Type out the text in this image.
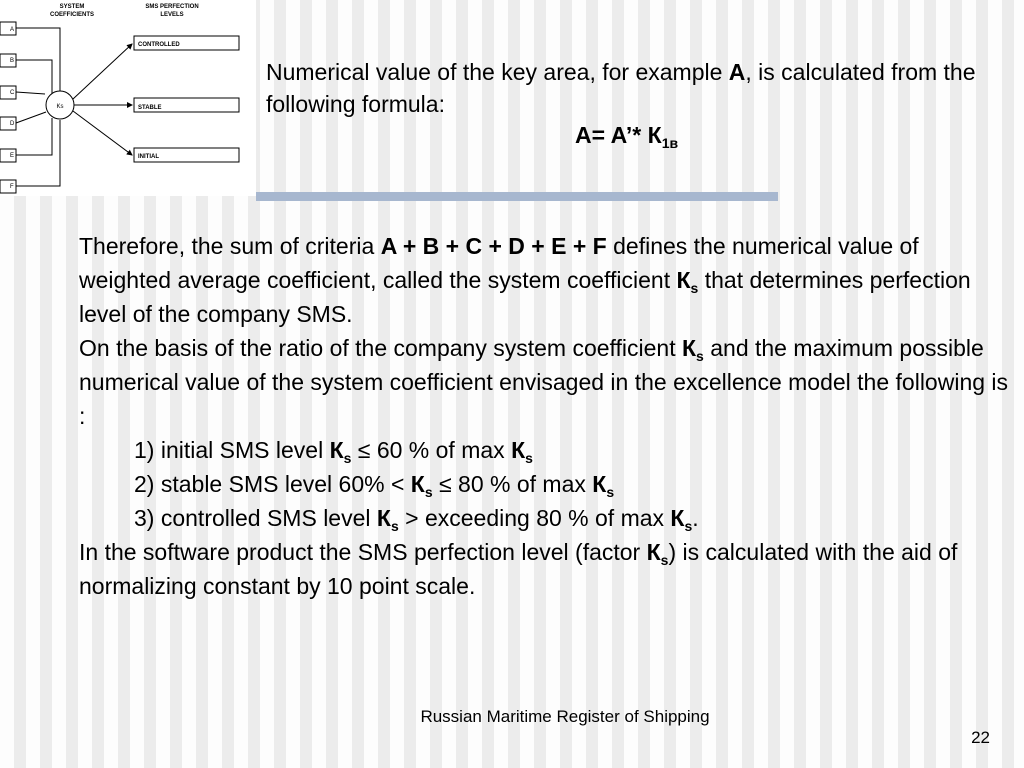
SYSTEM
COEFFICIENTS
SMS PERFECTION
LEVELS
A
B
C
D
E
F
Ks
CONTROLLED
STABLE
INITIAL
Numerical value of the key area, for example A, is calculated from the following formula:
A= A’* $К_{1в}$

Therefore, the sum of criteria A + B + C + D + E + F defines the numerical value of weighted average coefficient, called the system coefficient $К_s$ that determines perfection level of the company SMS.

On the basis of the ratio of the company system coefficient $К_s$ and the maximum possible numerical value of the system coefficient envisaged in the excellence model the following is :

1) initial SMS level $К_s \le 60$ % of $\max К_s$

2) stable SMS level $60\% < К_s \le 80$ % of $\max К_s$

3) controlled SMS level $К_s$ > exceeding 80 % of $\max К_s$.

In the software product the SMS perfection level (factor $К_s$) is calculated with the aid of normalizing constant by 10 point scale.

Russian Maritime Register of Shipping
22
